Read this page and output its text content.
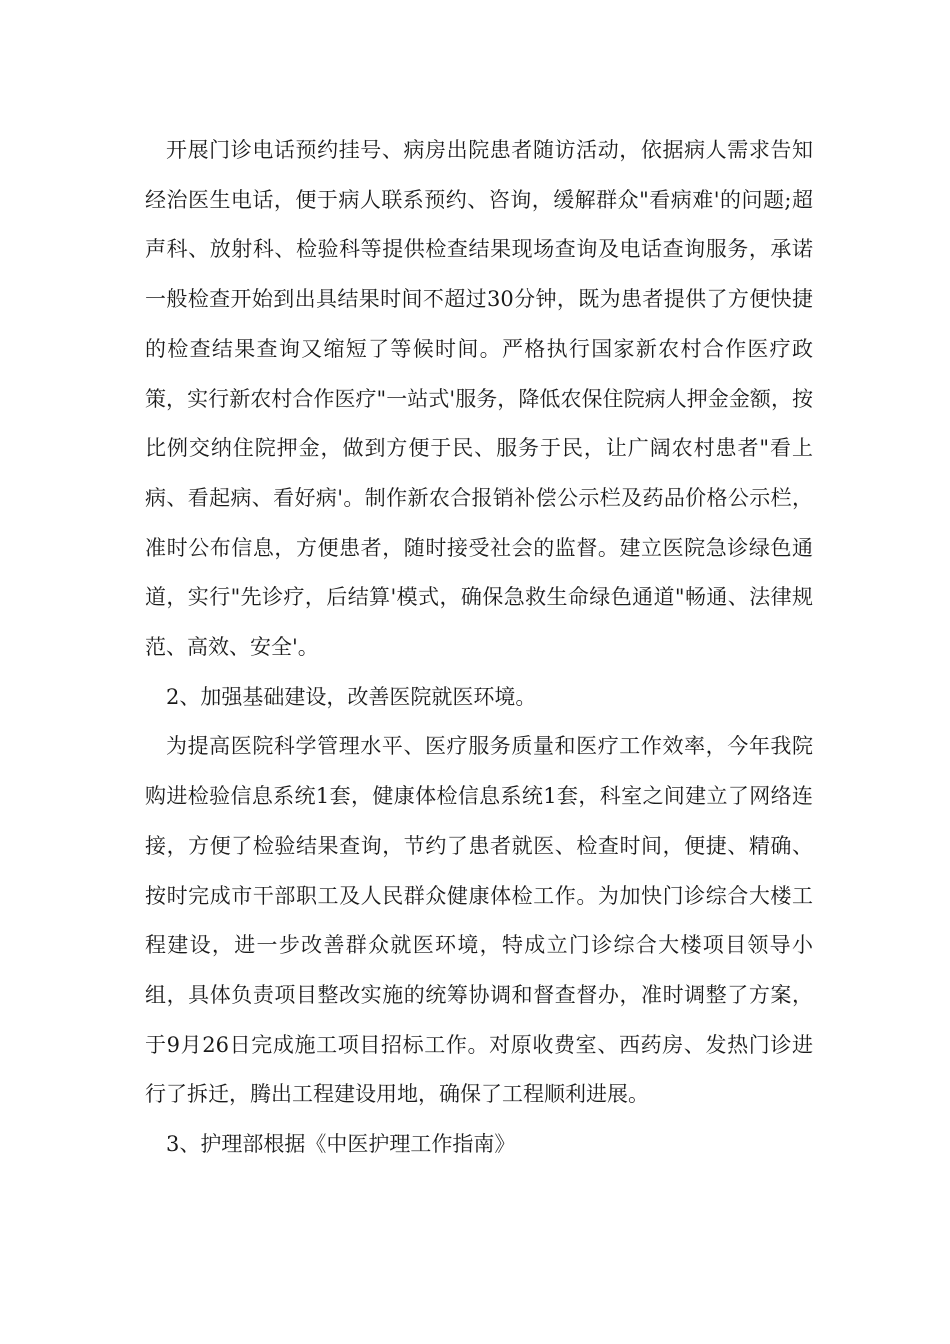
开展门诊电话预约挂号、病房出院患者随访活动，依据病人需求告知经治医生电话，便于病人联系预约、咨询，缓解群众"看病难'的问题;超声科、放射科、检验科等提供检查结果现场查询及电话查询服务，承诺一般检查开始到出具结果时间不超过30分钟，既为患者提供了方便快捷的检查结果查询又缩短了等候时间。严格执行国家新农村合作医疗政策，实行新农村合作医疗"一站式'服务，降低农保住院病人押金金额，按比例交纳住院押金，做到方便于民、服务于民，让广阔农村患者"看上病、看起病、看好病'。制作新农合报销补偿公示栏及药品价格公示栏，准时公布信息，方便患者，随时接受社会的监督。建立医院急诊绿色通道，实行"先诊疗，后结算'模式，确保急救生命绿色通道"畅通、法律规范、高效、安全'。

2、加强基础建设，改善医院就医环境。

为提高医院科学管理水平、医疗服务质量和医疗工作效率，今年我院购进检验信息系统1套，健康体检信息系统1套，科室之间建立了网络连接，方便了检验结果查询，节约了患者就医、检查时间，便捷、精确、按时完成市干部职工及人民群众健康体检工作。为加快门诊综合大楼工程建设，进一步改善群众就医环境，特成立门诊综合大楼项目领导小组，具体负责项目整改实施的统筹协调和督查督办，准时调整了方案，于9月26日完成施工项目招标工作。对原收费室、西药房、发热门诊进行了拆迁，腾出工程建设用地，确保了工程顺利进展。

3、护理部根据《中医护理工作指南》
